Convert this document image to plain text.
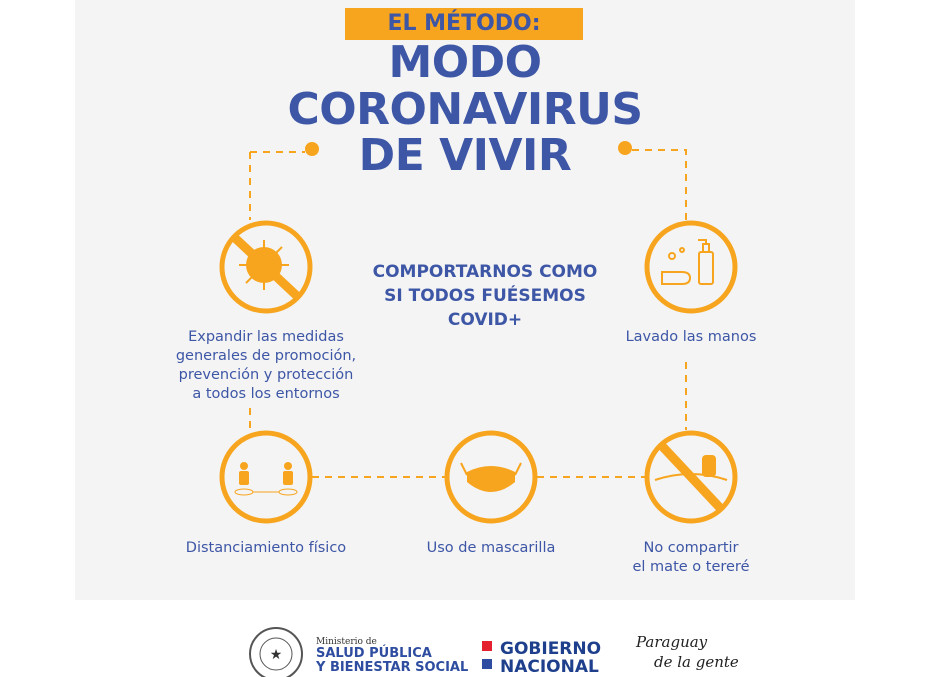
★
EL MÉTODO:
MODO
CORONAVIRUS
DE VIVIR
COMPORTARNOS COMO
SI TODOS FUÉSEMOS
COVID+
Expandir las medidas
generales de promoción,
prevención y protección
a todos los entornos
Lavado las manos
Distanciamiento físico	Uso de mascarilla	No compartir
el mate o tereré
Ministerio de
SALUD PÚBLICA
Y BIENESTAR SOCIAL
GOBIERNO
NACIONAL
Paraguay
de la gente
